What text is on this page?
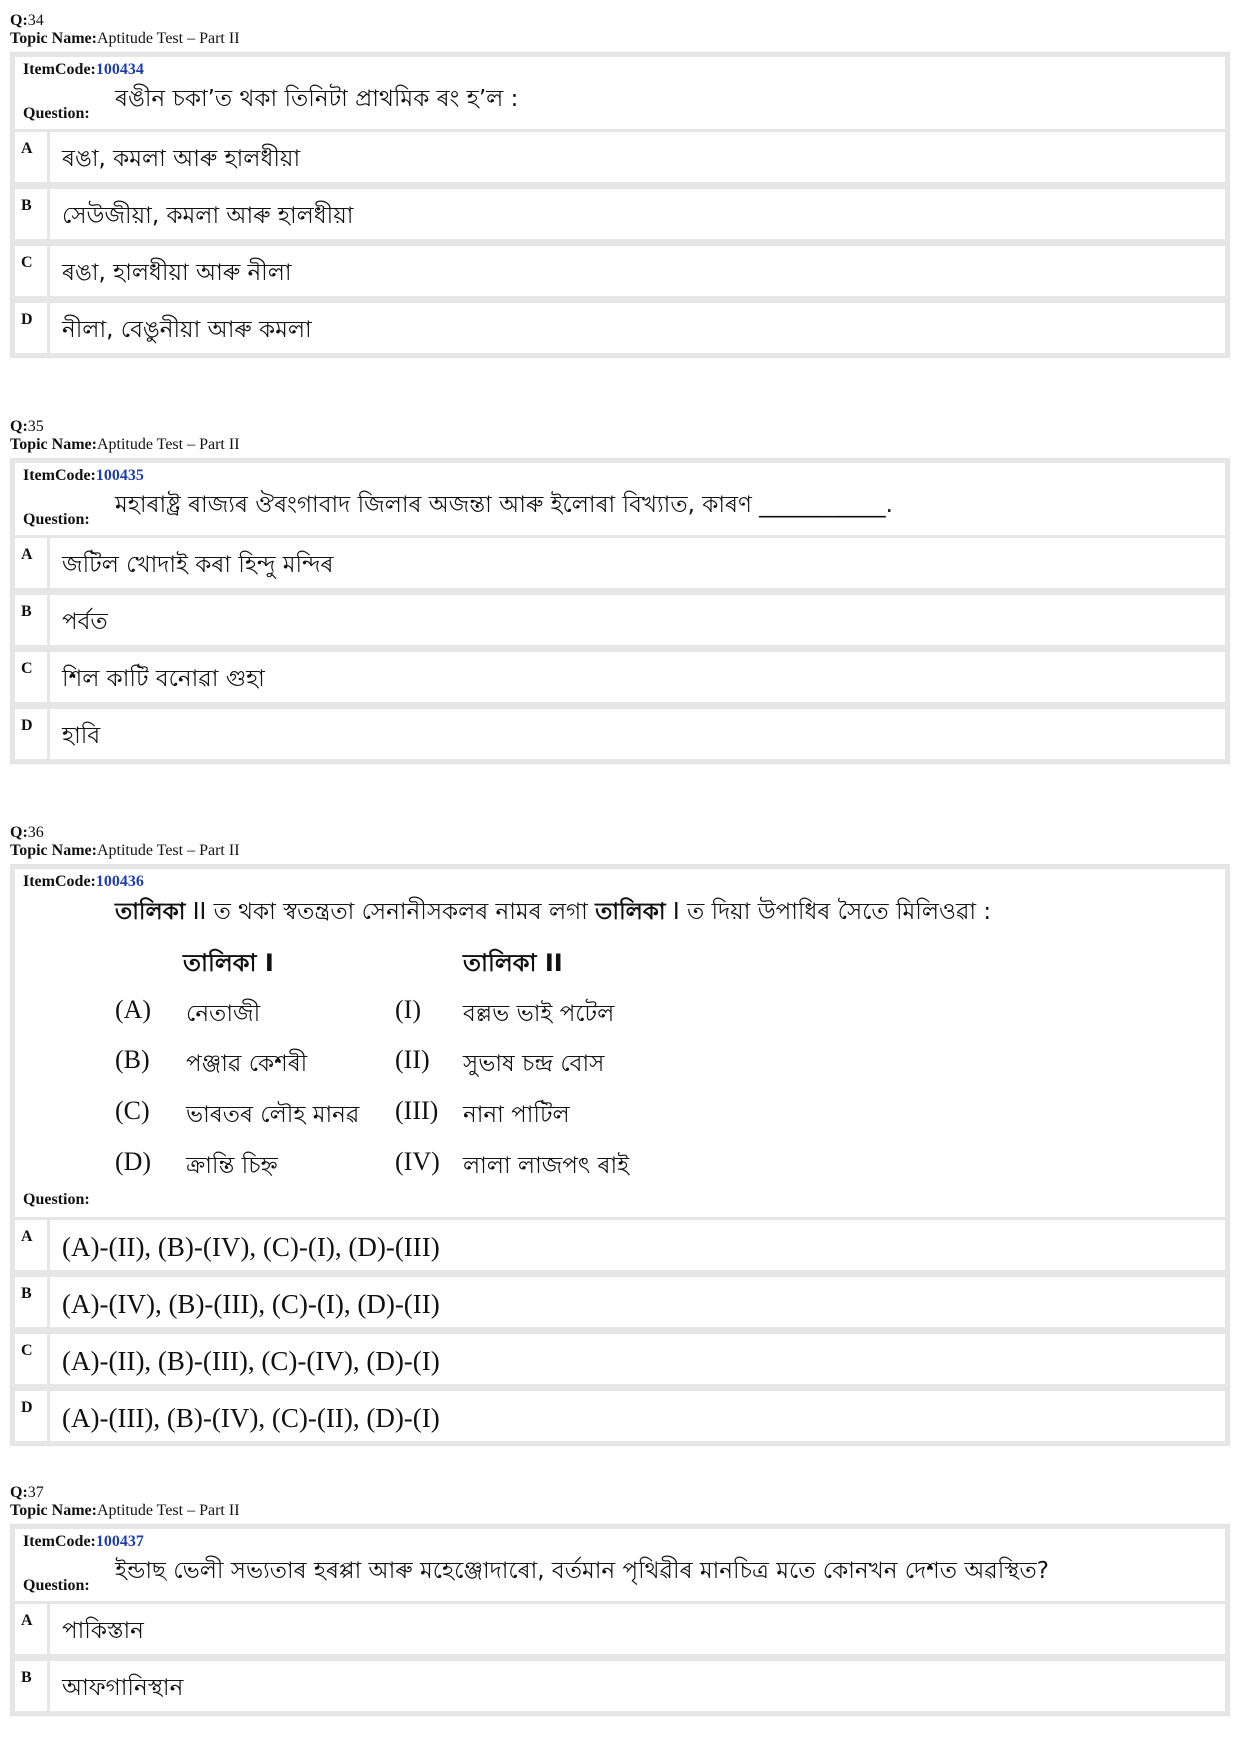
Q:34
Topic Name:Aptitude Test – Part II
ItemCode:100434
Question:
ৰঙীন চকা’ত থকা তিনিটা প্ৰাথমিক ৰং হ’ল :
A	ৰঙা, কমলা আৰু হালধীয়া
B	সেউজীয়া, কমলা আৰু হালধীয়া
C	ৰঙা, হালধীয়া আৰু নীলা
D	নীলা, বেঙুনীয়া আৰু কমলা
Q:35
Topic Name:Aptitude Test – Part II
ItemCode:100435
Question:
মহাৰাষ্ট্ৰ ৰাজ্যৰ ঔৰংগাবাদ জিলাৰ অজন্তা আৰু ইলোৰা বিখ্যাত, কাৰণ ___________.
A	জটিল খোদাই কৰা হিন্দু মন্দিৰ
B	পৰ্বত
C	শিল কাটি বনোৱা গুহা
D	হাবি
Q:36
Topic Name:Aptitude Test – Part II
ItemCode:100436
তালিকা II ত থকা স্বতন্ত্ৰতা সেনানীসকলৰ নামৰ লগা তালিকা I ত দিয়া উপাধিৰ সৈতে মিলিওৱা :
তালিকা I	তালিকা II
(A) নেতাজী	(I) বল্লভ ভাই পটেল
(B) পঞ্জাৱ কেশৰী	(II) সুভাষ চন্দ্ৰ বোস
(C) ভাৰতৰ লৌহ মানৱ (III) নানা পাটিল
(D) ক্ৰান্তি চিহ্ন	(IV) লালা লাজপৎ ৰাই
Question:
A	(A)-(II), (B)-(IV), (C)-(I), (D)-(III)
B	(A)-(IV), (B)-(III), (C)-(I), (D)-(II)
C	(A)-(II), (B)-(III), (C)-(IV), (D)-(I)
D	(A)-(III), (B)-(IV), (C)-(II), (D)-(I)
Q:37
Topic Name:Aptitude Test – Part II
ItemCode:100437
Question:
ইন্ডাছ ভেলী সভ্যতাৰ হৰপ্পা আৰু মহেঞ্জোদাৰো, বৰ্তমান পৃথিৱীৰ মানচিত্ৰ মতে কোনখন দেশত অৱস্থিত?
A	পাকিস্তান
B	আফগানিস্থান
